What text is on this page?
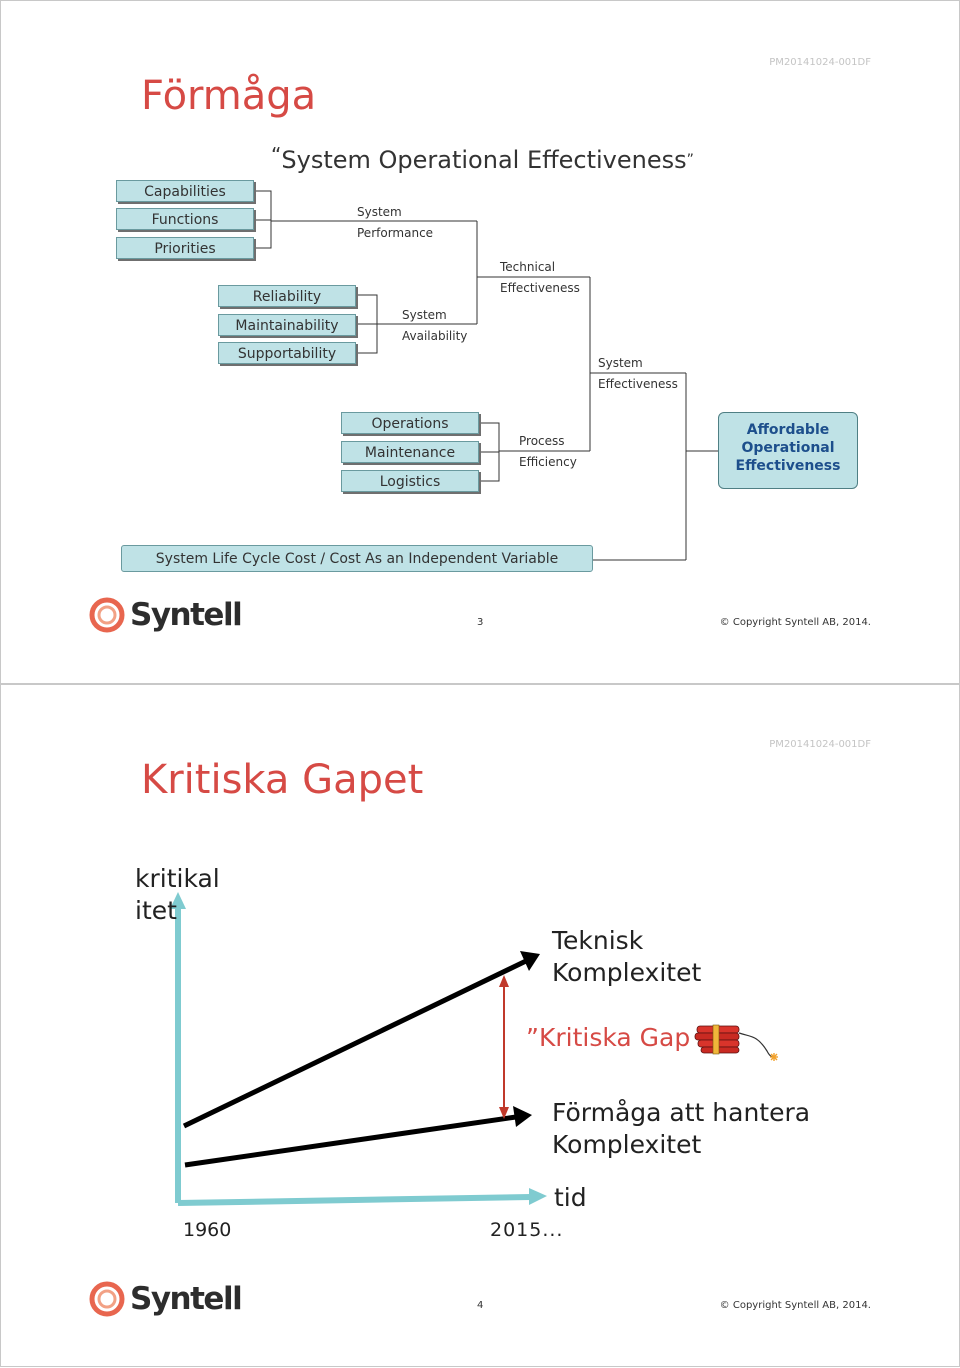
Förmåga
PM20141024-001DF
“System Operational Effectiveness”
Capabilities
Functions
Priorities
System
Performance
Technical
Effectiveness
Reliability
Maintainability
Supportability
System
Availability
System
Effectiveness
Operations
Maintenance
Logistics
Process
Efficiency
Affordable
Operational
Effectiveness
System Life Cycle Cost / Cost As an Independent Variable
Syntell	3	© Copyright Syntell AB, 2014.
Kritiska Gapet
PM20141024-001DF
kritikal
itet
Teknisk
Komplexitet
”Kritiska Gap
Förmåga att hantera
Komplexitet
tid
1960	2015...
Syntell	4	© Copyright Syntell AB, 2014.
